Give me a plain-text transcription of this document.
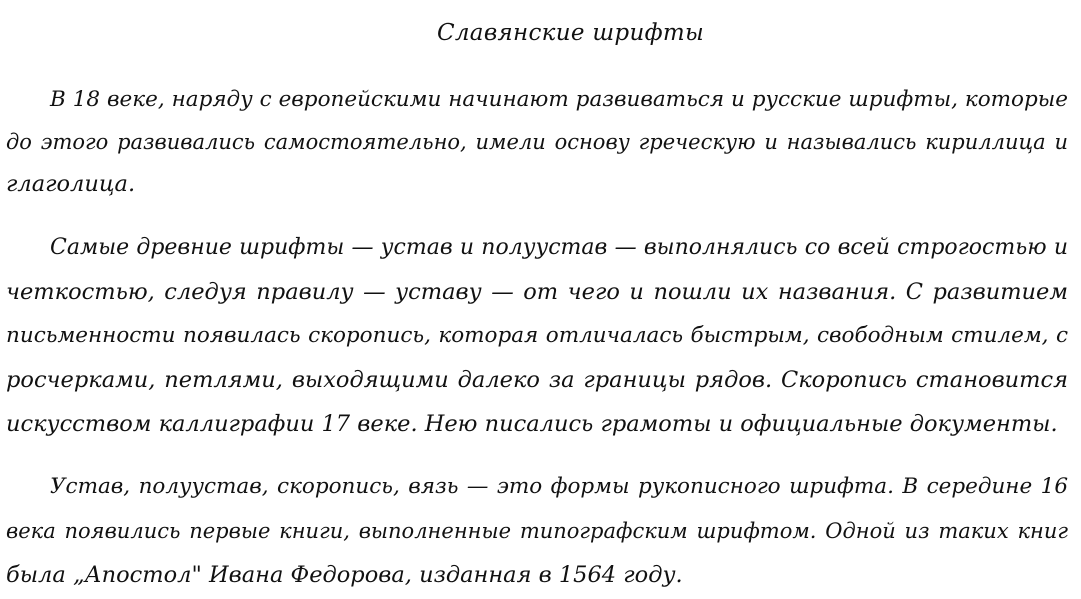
Славянские шрифты
В 18 веке, наряду с европейскими начинают развиваться и русские шрифты, которые
до этого развивались самостоятельно, имели основу греческую и назывались кириллица и
глаголица.
Самые древние шрифты — устав и полуустав — выполнялись со всей строгостью и
четкостью, следуя правилу — уставу — от чего и пошли их названия. С развитием
письменности появилась скоропись, которая отличалась быстрым, свободным стилем, с
росчерками, петлями, выходящими далеко за границы рядов. Скоропись становится
искусством каллиграфии 17 веке. Нею писались грамоты и официальные документы.
Устав, полуустав, скоропись, вязь — это формы рукописного шрифта. В середине 16
века появились первые книги, выполненные типографским шрифтом. Одной из таких книг
была „Апостол" Ивана Федорова, изданная в 1564 году.
